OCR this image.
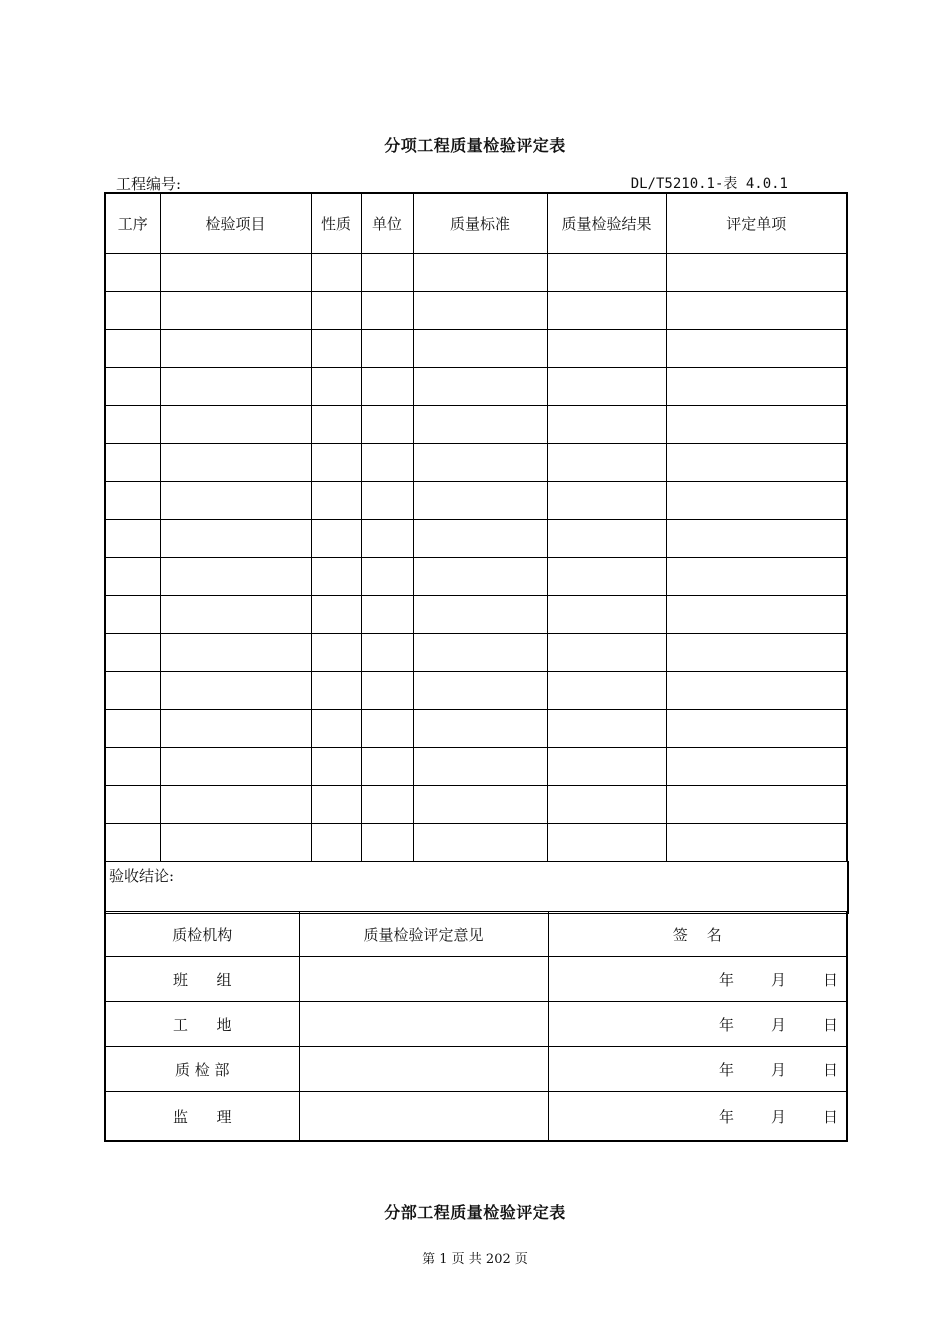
分项工程质量检验评定表
工程编号:	DL/T5210.1-表 4.0.1
工序	检验项目	性质	单位	质量标准	质量检验结果	评定单项

验收结论:
质检机构	质量检验评定意见	签    名
班      组		年 月 日
工      地		年 月 日
质 检 部		年 月 日
监      理		年 月 日
分部工程质量检验评定表
第 1 页 共 202 页
